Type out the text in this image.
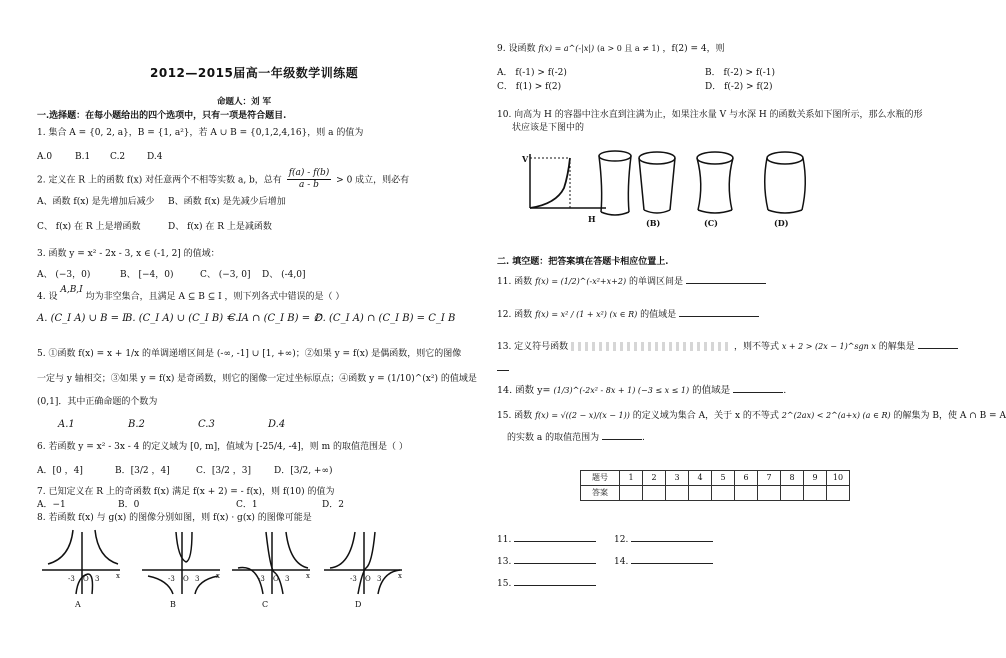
2012—2015届高一年级数学训练题
命题人：刘 军
一.选择题：在每小题给出的四个选项中，只有一项是符合题目.
1. 集合 A = {0, 2, a}，B = {1, a²}，若 A ∪ B = {0,1,2,4,16}，则 a 的值为
A.0	B.1 C.2 D.4
2. 定义在 R 上的函数 f(x) 对任意两个不相等实数 a, b，总有 $\frac{f(a) - f(b)}{a - b} > 0$ 成立，则必有
A、函数 f(x) 是先增加后减少 B、函数 f(x) 是先减少后增加
C、 f(x) 在 R 上是增函数	D、 f(x) 在 R 上是减函数
3. 函数 y = x² - 2x - 3, x ∈ (-1, 2] 的值域：
A、 (−3，0)	B、 [−4，0)	C、 (−3, 0] D、 (-4,0]
4. 设 A,B,I 均为非空集合，且满足 A ⊆ B ⊆ I ，则下列各式中错误的是（ ）
A. (C_I A) ∪ B = I
B. (C_I A) ∪ (C_I B) = I
C. A ∩ (C_I B) = ∅
D. (C_I A) ∩ (C_I B) = C_I B
5. ①函数 f(x) = x + 1/x 的单调递增区间是 (-∞, -1] ∪ [1, +∞)；②如果 y = f(x) 是偶函数，则它的图像
一定与 y 轴相交；③如果 y = f(x) 是奇函数，则它的图像一定过坐标原点；④函数 y = (1/10)^(x²) 的值域是
(0,1]．其中正确命题的个数为
A.1	B.2	C.3	D.4
6. 若函数 y = x² - 3x - 4 的定义域为 [0, m]，值域为 [-25/4, -4]，则 m 的取值范围是（ ）
A．[0 ，4]	B．[3/2 ，4]	C．[3/2 ，3]	D．[3/2, +∞)
7. 已知定义在 R 上的奇函数 f(x) 满足 f(x + 2) = - f(x)，则 f(10) 的值为
A．−1	B．0	C．1	D．2
8. 若函数 f(x) 与 g(x) 的图像分别如图，则 f(x) · g(x) 的图像可能是
-3 O 3 x	-3 O 3 x	-3 O 3 x	-3 O 3 x
A	B	C	D
9. 设函数 f(x) = a^(-|x|) (a > 0 且 a ≠ 1) ，f(2) = 4，则
A． f(-1) > f(-2)	B． f(-2) > f(-1)
C． f(1) > f(2)	D． f(-2) > f(2)
10. 向高为 H 的容器中注水直到注满为止，如果注水量 V 与水深 H 的函数关系如下图所示，那么水瓶的形
状应该是下图中的
V
H	(B)	(C)	(D)
二. 填空题：把答案填在答题卡相应位置上.
11. 函数 f(x) = (1/2)^(-x²+x+2) 的单调区间是
12. 函数 f(x) = x² / (1 + x²) (x ∈ R) 的值域是
13. 定义符号函数	，则不等式 x + 2 > (2x − 1)^sgn x 的解集是
14. 函数 y= (1/3)^(-2x² - 8x + 1) (−3 ≤ x ≤ 1) 的值域是	.
15. 函数 f(x) = √((2 − x)/(x − 1)) 的定义域为集合 A，关于 x 的不等式 2^(2ax) < 2^(a+x) (a ∈ R) 的解集为 B，使 A ∩ B = A
的实数 a 的取值范围为	.
题号	1	2	3	4	5	6	7	8	9	10
答案										
11.	12.
13.	14.
15.
